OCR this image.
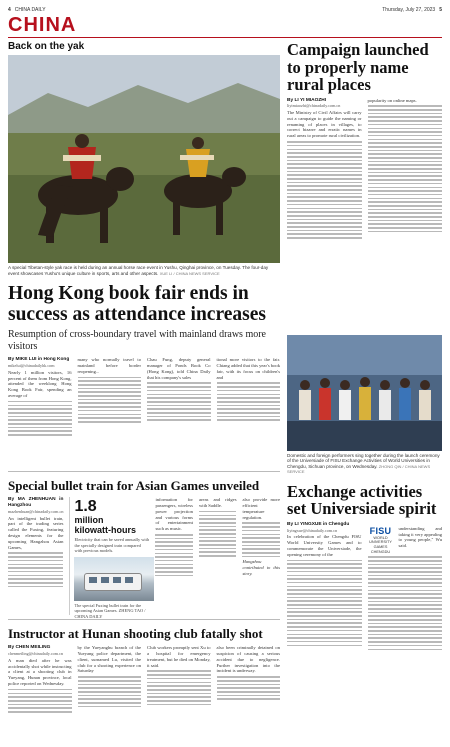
4 CHINA DAILY	Thursday, July 27, 2023 5
CHINA
Back on the yak
A special Tibetan-style yak race is held during an annual horse race event in Yushu, Qinghai province, on Tuesday. The four-day event showcases Yushu's unique culture in sports, arts and other aspects. XUE LI / CHINA NEWS SERVICE
Hong Kong book fair ends in success as attendance increases
Resumption of cross-boundary travel with mainland draws more visitors
By MIKE LUI in Hong Kong
mikelui@chinadailyhk.com
Nearly 1 million visitors, 16 percent of them from Hong Kong, attended the weeklong Hong Kong Book Fair, spending an average of
many who normally travel to mainland before border reopening...
Chau Fung, deputy general manager of Ponds Book Co (Hong Kong), told China Daily that his company's sales
tional more visitors to the fair. Chiang added that this year's book fair, with its focus on children's and
Special bullet train for Asian Games unveiled
By MA ZHENHUAN in Hangzhou
mazhenhuan@chinadaily.com.cn
An intelligent bullet train, part of the trading series called the Fuxing, featuring design elements for the upcoming Hangzhou Asian Games,
1.8
million
kilowatt-hours
Electricity that can be saved annually with the specially designed train compared with previous models.
The special Fuxing bullet train for the upcoming Asian Games. ZHENG TAO / CHINA DAILY
information for passengers, wireless power projection and various forms of entertainment such as music.
areas and ridges with Saddle.
also provide more efficient temperature regulation.
Hangzhou contributed to this story.
Instructor at Hunan shooting club fatally shot
By CHEN MEILING
chenmeiling@chinadaily.com.cn
A man died after he was accidentally shot while instructing a client at a shooting club in Yueyang, Hunan province, local police reported on Wednesday.
by the Yueyanghu branch of the Yueyang police department, the client, surnamed Lu, visited the club for a shooting experience on Saturday
Club workers promptly sent Xu to a hospital for emergency treatment, but he died on Monday, it said.
also been criminally detained on suspicion of causing a serious accident due to negligence. Further investigation into the incident is underway.
Campaign launched to properly name rural places
By LI YI MIAOZHI
liyimiaozhi@chinadaily.com.cn
The Ministry of Civil Affairs will carry out a campaign to guide the naming or renaming of places in villages, to correct bizarre and erratic names in rural areas to promote rural civilization.
popularity on online maps.
Domestic and foreign performers sing together during the launch ceremony of the Universiade of FISU Exchange Activities of World Universities in Chengdu, Sichuan province, on Wednesday. ZHONG QIN / CHINA NEWS SERVICE
Exchange activities set Universiade spirit
By LI YINGXUE in Chengdu
liyingxue@chinadaily.com.cn
In celebration of the Chengdu FISU World University Games and to commemorate the Universiade, the opening ceremony of the
FISU
WORLD UNIVERSITY GAMES
CHENGDU
understanding and taking it very appealing to young people," Wu said.
